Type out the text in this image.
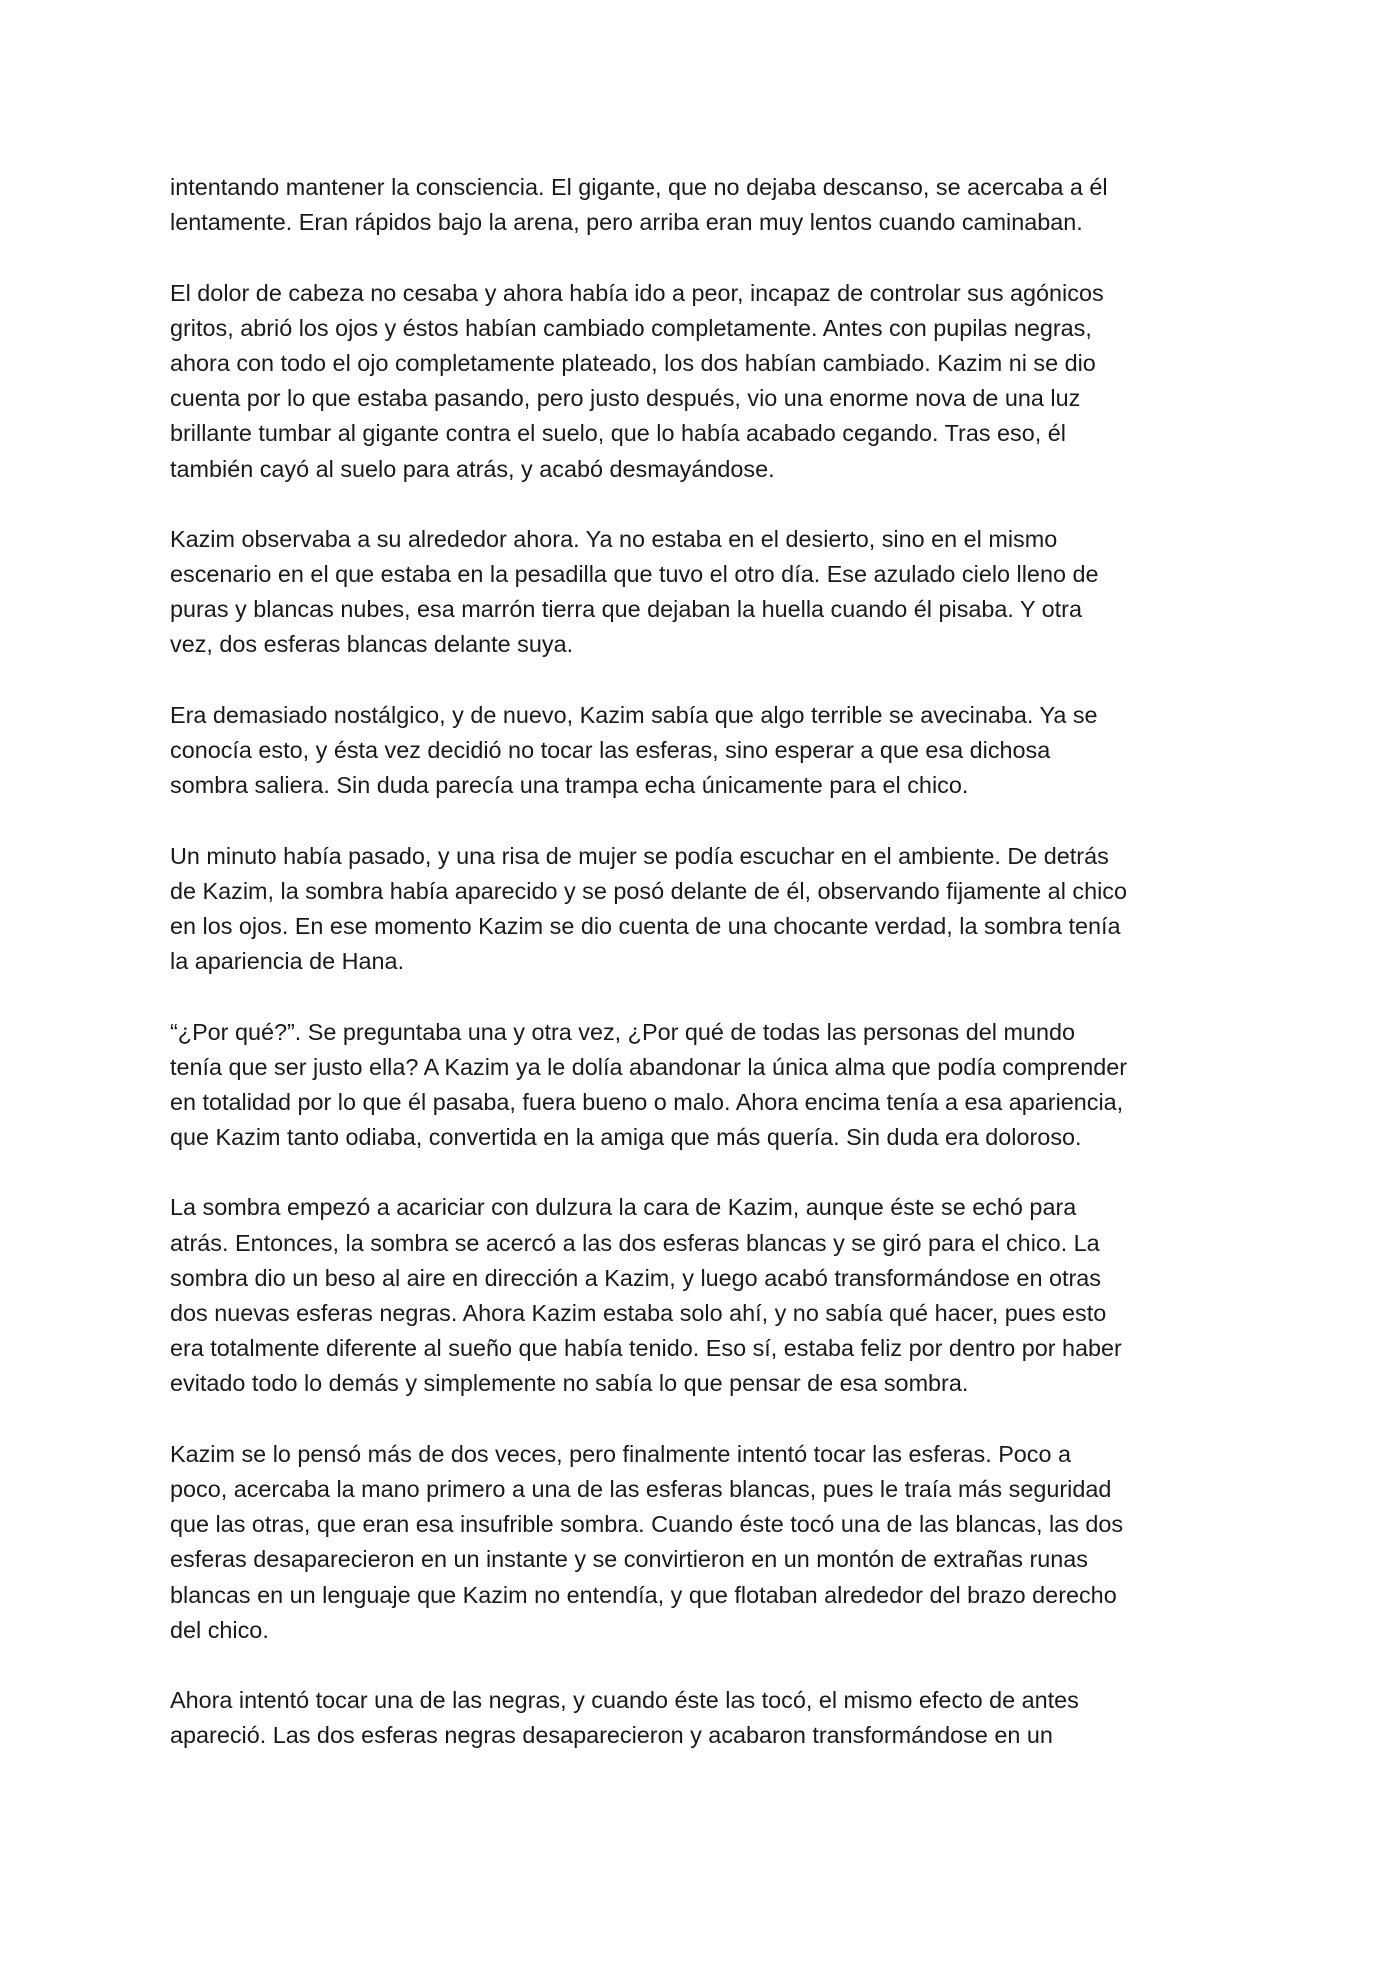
intentando mantener la consciencia. El gigante, que no dejaba descanso, se acercaba a él
lentamente. Eran rápidos bajo la arena, pero arriba eran muy lentos cuando caminaban.

El dolor de cabeza no cesaba y ahora había ido a peor, incapaz de controlar sus agónicos
gritos, abrió los ojos y éstos habían cambiado completamente. Antes con pupilas negras,
ahora con todo el ojo completamente plateado, los dos habían cambiado. Kazim ni se dio
cuenta por lo que estaba pasando, pero justo después, vio una enorme nova de una luz
brillante tumbar al gigante contra el suelo, que lo había acabado cegando. Tras eso, él
también cayó al suelo para atrás, y acabó desmayándose.

Kazim observaba a su alrededor ahora. Ya no estaba en el desierto, sino en el mismo
escenario en el que estaba en la pesadilla que tuvo el otro día. Ese azulado cielo lleno de
puras y blancas nubes, esa marrón tierra que dejaban la huella cuando él pisaba. Y otra
vez, dos esferas blancas delante suya.

Era demasiado nostálgico, y de nuevo, Kazim sabía que algo terrible se avecinaba. Ya se
conocía esto, y ésta vez decidió no tocar las esferas, sino esperar a que esa dichosa
sombra saliera. Sin duda parecía una trampa echa únicamente para el chico.

Un minuto había pasado, y una risa de mujer se podía escuchar en el ambiente. De detrás
de Kazim, la sombra había aparecido y se posó delante de él, observando fijamente al chico
en los ojos. En ese momento Kazim se dio cuenta de una chocante verdad, la sombra tenía
la apariencia de Hana.

“¿Por qué?”. Se preguntaba una y otra vez, ¿Por qué de todas las personas del mundo
tenía que ser justo ella? A Kazim ya le dolía abandonar la única alma que podía comprender
en totalidad por lo que él pasaba, fuera bueno o malo. Ahora encima tenía a esa apariencia,
que Kazim tanto odiaba, convertida en la amiga que más quería. Sin duda era doloroso.

La sombra empezó a acariciar con dulzura la cara de Kazim, aunque éste se echó para
atrás. Entonces, la sombra se acercó a las dos esferas blancas y se giró para el chico. La
sombra dio un beso al aire en dirección a Kazim, y luego acabó transformándose en otras
dos nuevas esferas negras. Ahora Kazim estaba solo ahí, y no sabía qué hacer, pues esto
era totalmente diferente al sueño que había tenido. Eso sí, estaba feliz por dentro por haber
evitado todo lo demás y simplemente no sabía lo que pensar de esa sombra.

Kazim se lo pensó más de dos veces, pero finalmente intentó tocar las esferas. Poco a
poco, acercaba la mano primero a una de las esferas blancas, pues le traía más seguridad
que las otras, que eran esa insufrible sombra. Cuando éste tocó una de las blancas, las dos
esferas desaparecieron en un instante y se convirtieron en un montón de extrañas runas
blancas en un lenguaje que Kazim no entendía, y que flotaban alrededor del brazo derecho
del chico.

Ahora intentó tocar una de las negras, y cuando éste las tocó, el mismo efecto de antes
apareció. Las dos esferas negras desaparecieron y acabaron transformándose en un
